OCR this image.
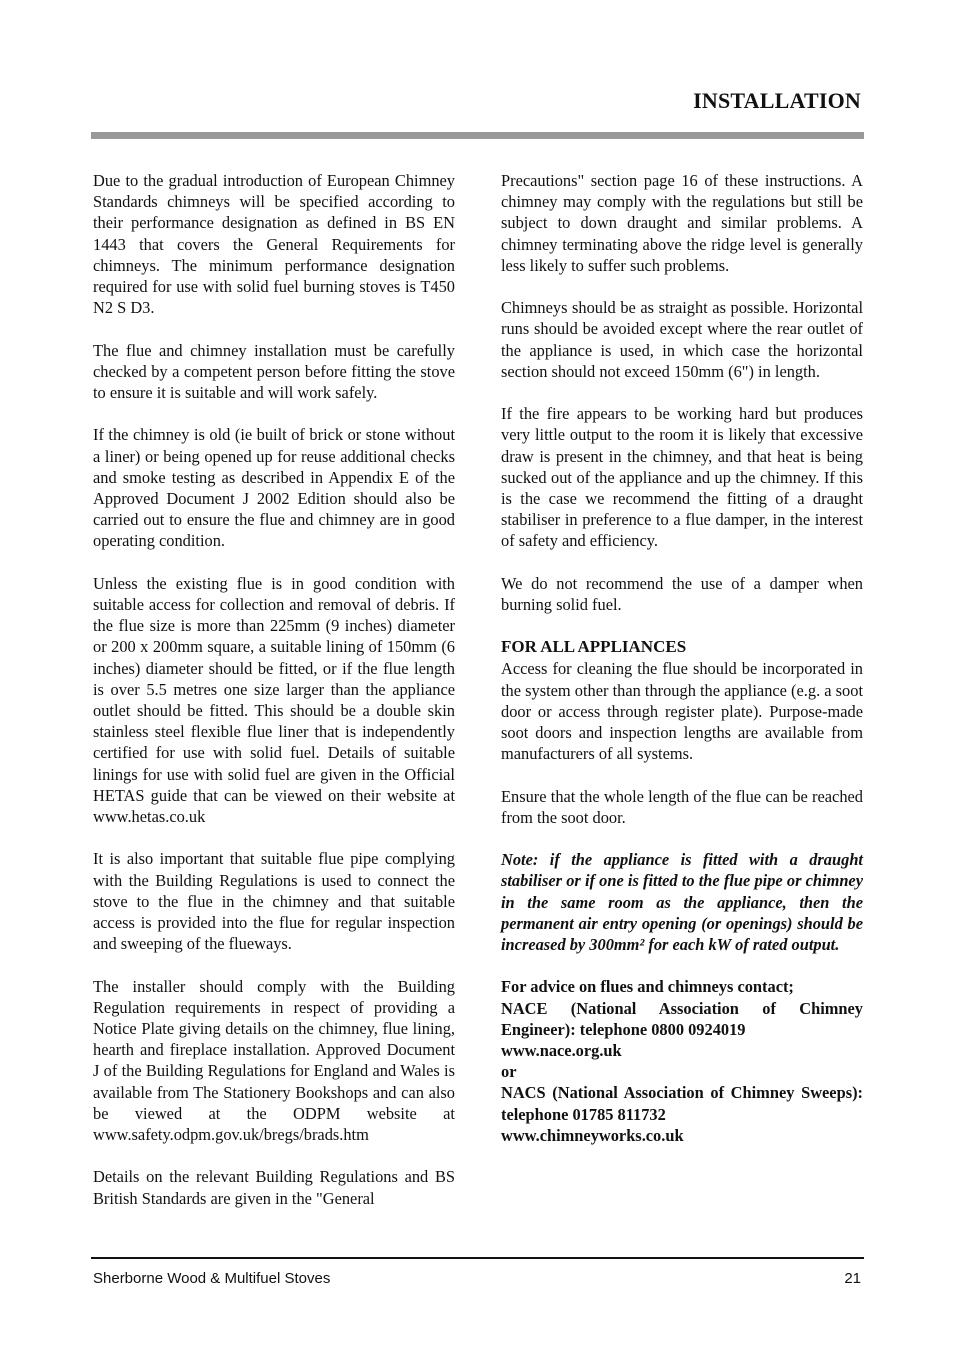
INSTALLATION

Due to the gradual introduction of European Chimney Standards chimneys will be specified according to their performance designation as defined in BS EN 1443 that covers the General Requirements for chimneys. The minimum performance designation required for use with solid fuel burning stoves is T450 N2 S D3.

The flue and chimney installation must be carefully checked by a competent person before fitting the stove to ensure it is suitable and will work safely.

If the chimney is old (ie built of brick or stone without a liner) or being opened up for reuse additional checks and smoke testing as described in Appendix E of the Approved Document J 2002 Edition should also be carried out to ensure the flue and chimney are in good operating condition.

Unless the existing flue is in good condition with suitable access for collection and removal of debris. If the flue size is more than 225mm (9 inches) diameter or 200 x 200mm square, a suitable lining of 150mm (6 inches) diameter should be fitted, or if the flue length is over 5.5 metres one size larger than the appliance outlet should be fitted. This should be a double skin stainless steel flexible flue liner that is independently certified for use with solid fuel. Details of suitable linings for use with solid fuel are given in the Official HETAS guide that can be viewed on their website at www.hetas.co.uk

It is also important that suitable flue pipe complying with the Building Regulations is used to connect the stove to the flue in the chimney and that suitable access is provided into the flue for regular inspection and sweeping of the flueways.

The installer should comply with the Building Regulation requirements in respect of providing a Notice Plate giving details on the chimney, flue lining, hearth and fireplace installation. Approved Document J of the Building Regulations for England and Wales is available from The Stationery Bookshops and can also be viewed at the ODPM website at www.safety.odpm.gov.uk/bregs/brads.htm

Details on the relevant Building Regulations and BS British Standards are given in the "General

Precautions" section page 16 of these instructions. A chimney may comply with the regulations but still be subject to down draught and similar problems. A chimney terminating above the ridge level is generally less likely to suffer such problems.

Chimneys should be as straight as possible. Horizontal runs should be avoided except where the rear outlet of the appliance is used, in which case the horizontal section should not exceed 150mm (6") in length.

If the fire appears to be working hard but produces very little output to the room it is likely that excessive draw is present in the chimney, and that heat is being sucked out of the appliance and up the chimney. If this is the case we recommend the fitting of a draught stabiliser in preference to a flue damper, in the interest of safety and efficiency.

We do not recommend the use of a damper when burning solid fuel.

FOR ALL APPLIANCES

Access for cleaning the flue should be incorporated in the system other than through the appliance (e.g. a soot door or access through register plate). Purpose-made soot doors and inspection lengths are available from manufacturers of all systems.

Ensure that the whole length of the flue can be reached from the soot door.

Note: if the appliance is fitted with a draught stabiliser or if one is fitted to the flue pipe or chimney in the same room as the appliance, then the permanent air entry opening (or openings) should be increased by 300mm² for each kW of rated output.

For advice on flues and chimneys contact;
NACE (National Association of Chimney Engineer): telephone 0800 0924019
www.nace.org.uk
or
NACS (National Association of Chimney Sweeps): telephone 01785 811732
www.chimneyworks.co.uk
Sherborne Wood & Multifuel Stoves	21
